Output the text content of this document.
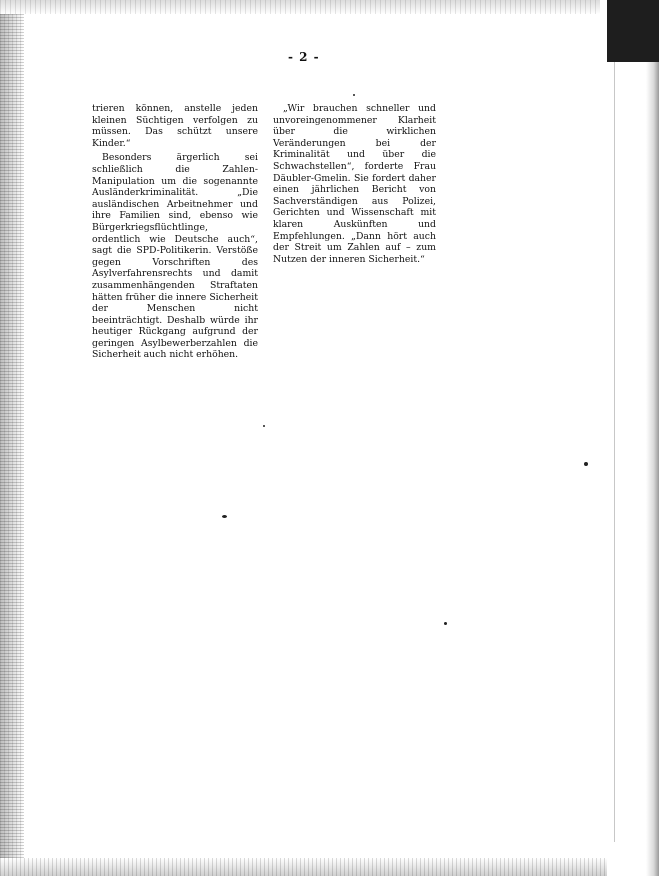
- 2 -

trieren können, anstelle jeden kleinen Süchtigen verfolgen zu müssen. Das schützt unsere Kinder.“

Besonders ärgerlich sei schließlich die Zahlen-Manipulation um die sogenannte Ausländerkriminalität. „Die ausländischen Arbeitnehmer und ihre Familien sind, ebenso wie Bürgerkriegsflüchtlinge, ordentlich wie Deutsche auch“, sagt die SPD-Politikerin. Verstöße gegen Vorschriften des Asylverfahrensrechts und damit zusammenhängenden Straftaten hätten früher die innere Sicherheit der Menschen nicht beeinträchtigt. Deshalb würde ihr heutiger Rückgang aufgrund der geringen Asylbewerberzahlen die Sicherheit auch nicht erhöhen.

„Wir brauchen schneller und unvoreingenommener Klarheit über die wirklichen Veränderungen bei der Kriminalität und über die Schwachstellen“, forderte Frau Däubler-Gmelin. Sie fordert daher einen jährlichen Bericht von Sachverständigen aus Polizei, Gerichten und Wissenschaft mit klaren Auskünften und Empfehlungen. „Dann hört auch der Streit um Zahlen auf – zum Nutzen der inneren Sicherheit.“
